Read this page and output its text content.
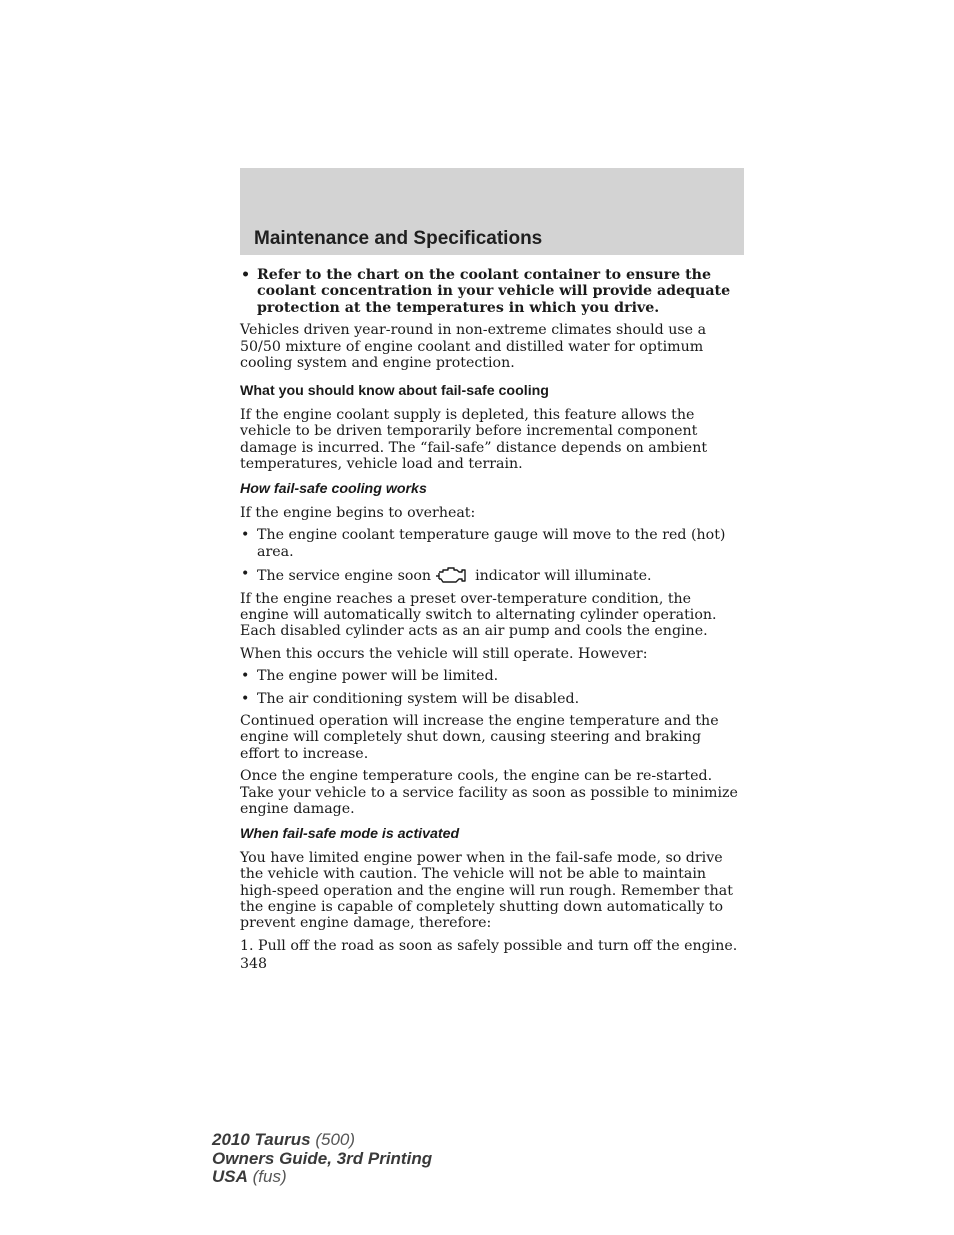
Maintenance and Specifications
• Refer to the chart on the coolant container to ensure the coolant concentration in your vehicle will provide adequate protection at the temperatures in which you drive.

Vehicles driven year-round in non-extreme climates should use a 50/50 mixture of engine coolant and distilled water for optimum cooling system and engine protection.

What you should know about fail-safe cooling

If the engine coolant supply is depleted, this feature allows the vehicle to be driven temporarily before incremental component damage is incurred. The “fail-safe” distance depends on ambient temperatures, vehicle load and terrain.

How fail-safe cooling works

If the engine begins to overheat:

• The engine coolant temperature gauge will move to the red (hot) area.
• The service engine soon	indicator will illuminate.

If the engine reaches a preset over-temperature condition, the engine will automatically switch to alternating cylinder operation. Each disabled cylinder acts as an air pump and cools the engine.

When this occurs the vehicle will still operate. However:

• The engine power will be limited.
• The air conditioning system will be disabled.

Continued operation will increase the engine temperature and the engine will completely shut down, causing steering and braking effort to increase.

Once the engine temperature cools, the engine can be re-started. Take your vehicle to a service facility as soon as possible to minimize engine damage.

When fail-safe mode is activated

You have limited engine power when in the fail-safe mode, so drive the vehicle with caution. The vehicle will not be able to maintain high-speed operation and the engine will run rough. Remember that the engine is capable of completely shutting down automatically to prevent engine damage, therefore:

1. Pull off the road as soon as safely possible and turn off the engine.

348
2010 Taurus (500)
Owners Guide, 3rd Printing
USA (fus)
